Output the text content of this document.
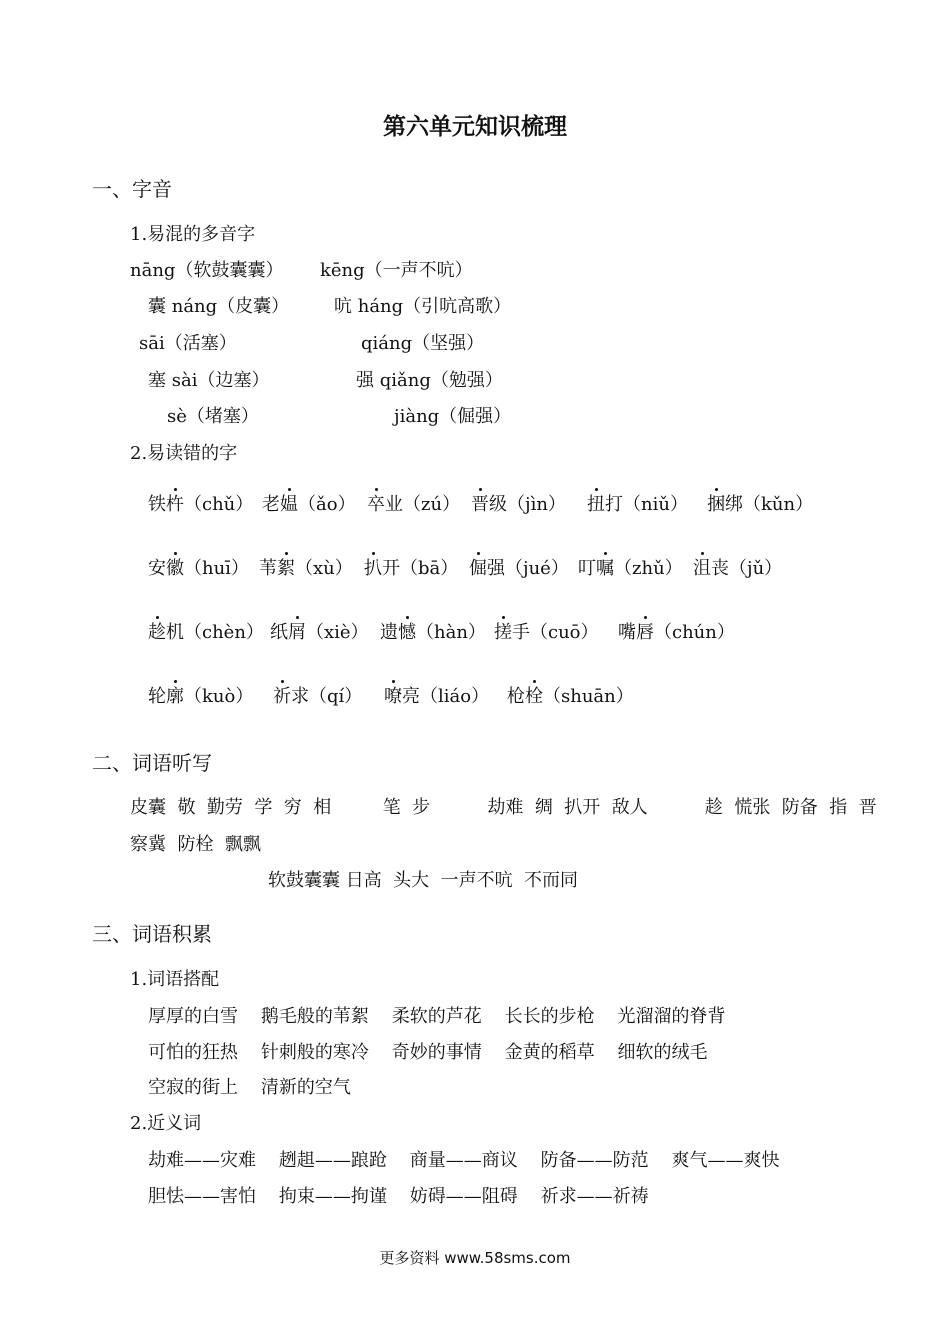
第六单元知识梳理
一、字音
1.易混的多音字
nāng（软鼓囊囊） kēng（一声不吭）
囊 náng（皮囊） 吭 háng（引吭高歌）
sāi（活塞）	qiáng（坚强）
塞 sài（边塞）	强 qiǎng（勉强）
sè（堵塞）	jiàng（倔强）
2.易读错的字
铁杵（chǔ） 老媪（ǎo） 卒业（zú） 晋级（jìn） 扭打（niǔ） 捆绑（kǔn）
安徽（huī） 苇絮（xù） 扒开（bā） 倔强（jué） 叮嘱（zhǔ） 沮丧（jǔ）
趁机（chèn） 纸屑（xiè） 遗憾（hàn） 搓手（cuō） 嘴唇（chún）
轮廓（kuò） 祈求（qí） 嘹亮（liáo） 枪栓（shuān）
二、词语听写
皮囊  敬  勤劳  学  穷  相         笔  步          劫难  绸  扒开  敌人          趁  慌张  防备  指  晋
察冀  防栓  飘飘
软鼓囊囊 日高  头大  一声不吭  不而同
三、词语积累
1.词语搭配
厚厚的白雪    鹅毛般的苇絮    柔软的芦花    长长的步枪    光溜溜的脊背
可怕的狂热    针刺般的寒冷    奇妙的事情    金黄的稻草    细软的绒毛
空寂的街上    清新的空气
2.近义词
劫难——灾难    趔趄——踉跄    商量——商议    防备——防范    爽气——爽快
胆怯——害怕    拘束——拘谨    妨碍——阻碍    祈求——祈祷
更多资料 www.58sms.com
